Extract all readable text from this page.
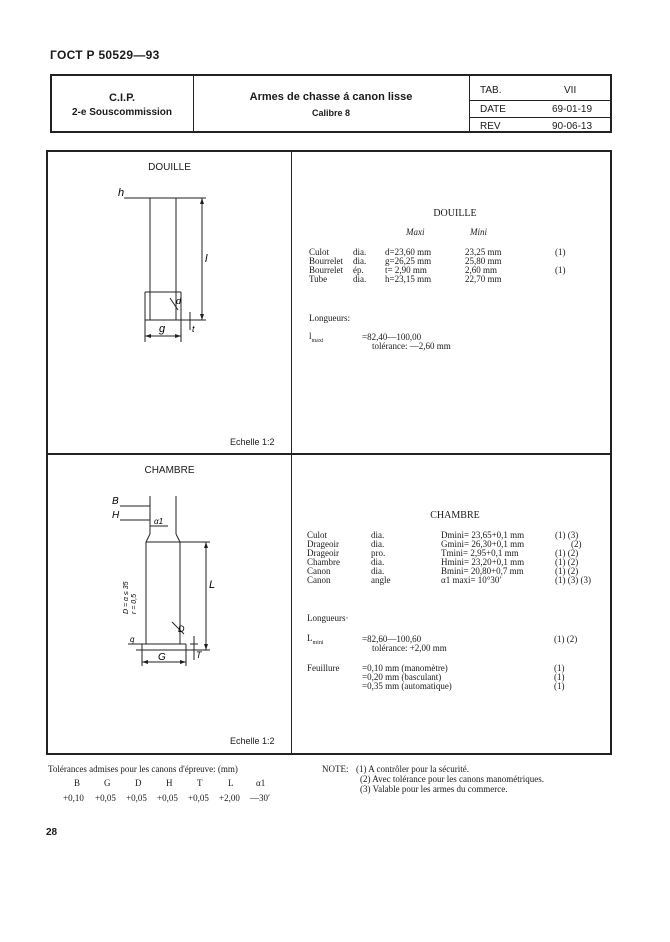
ГОСТ Р 50529—93
C.I.P.
2-e Souscommission
Armes de chasse á canon lisse
Calibre 8
TAB.	VII
DATE	69-01-19
REV	90-06-13
DOUILLE
Echelle 1:2
h
l
d
g	t
DOUILLE
Maxi	Mini
Culot	dia. d=23,60 mm	23,25 mm	(1)
Bourrelet dia. g=26,25 mm	25,80 mm
Bourrelet ép. t= 2,90 mm	2,60 mm	(1)
Tube	dia. h=23,15 mm	22,70 mm
Longueurs:
$l_{maxi}$	=82,40—100,00
tolérance: —2,60 mm
CHAMBRE
Echelle 1:2
B
H
α1
D = α ≤ 35 r = 0,5
L
D
T
G
q
CHAMBRE
Culot	dia.	Dmini= 23,65+0,1 mm	(1) (3)
Drageoir	dia.	Gmini= 26,30+0,1 mm	(2)
Drageoir	pro.	Tmini= 2,95+0,1 mm	(1) (2)
Chambre	dia.	Hmini= 23,20+0,1 mm	(1) (2)
Canon	dia.	Bmini= 20,80+0,7 mm	(1) (2)
Canon	angle	α1 maxi= 10°30′	(1) (3) (3)
Longueurs·
$L_{mini}$	=82,60—100,60	(1) (2)
tolérance: +2,00 mm
Feuillure	=0,10 mm (manomètre)	(1)
=0,20 mm (basculant)	(1)
=0,35 mm (automatique)	(1)
Tolérances admises pour les canons d'épreuve: (mm)
B	G	D	H	T	L	α1
+0,10 +0,05 +0,05 +0,05 +0,05 +2,00 —30′
NOTE: (1) A contrôler pour la sécurité.
(2) Avec tolérance pour les canons manométriques.
(3) Valable pour les armes du commerce.
28
